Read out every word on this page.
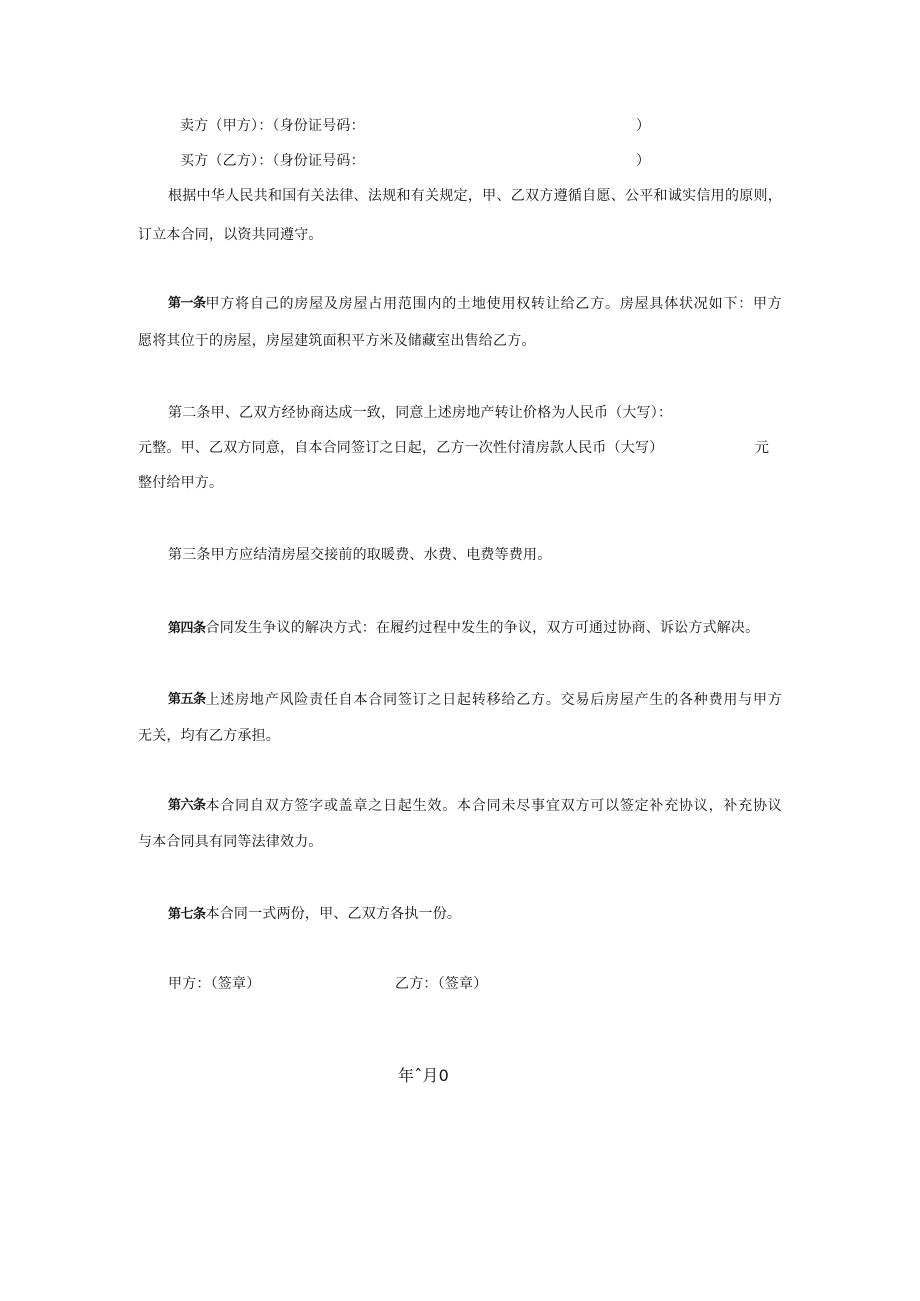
卖方（甲方）：（身份证号码：	）
买方（乙方）：（身份证号码：	）
根据中华人民共和国有关法律、法规和有关规定，甲、乙双方遵循自愿、公平和诚实信用的原则，
订立本合同，以资共同遵守。
第一条 甲方将自己的房屋及房屋占用范围内的土地使用权转让给乙方。房屋具体状况如下：甲方
愿将其位于的房屋，房屋建筑面积平方米及储藏室出售给乙方。
第二条甲、乙双方经协商达成一致，同意上述房地产转让价格为人民币（大写）：
元整。甲、乙双方同意，自本合同签订之日起，乙方一次性付清房款人民币（大写）	元
整付给甲方。
第三条甲方应结清房屋交接前的取暖费、水费、电费等费用。
第四条合同发生争议的解决方式：在履约过程中发生的争议，双方可通过协商、诉讼方式解决。
第五条 上述房地产风险责任自本合同签订之日起转移给乙方。交易后房屋产生的各种费用与甲方
无关，均有乙方承担。
第六条 本合同自双方签字或盖章之日起生效。本合同未尽事宜双方可以签定补充协议，补充协议
与本合同具有同等法律效力。
第七条本合同一式两份，甲、乙双方各执一份。
甲方：（签章）	乙方：（签章）
年ˆ月0
